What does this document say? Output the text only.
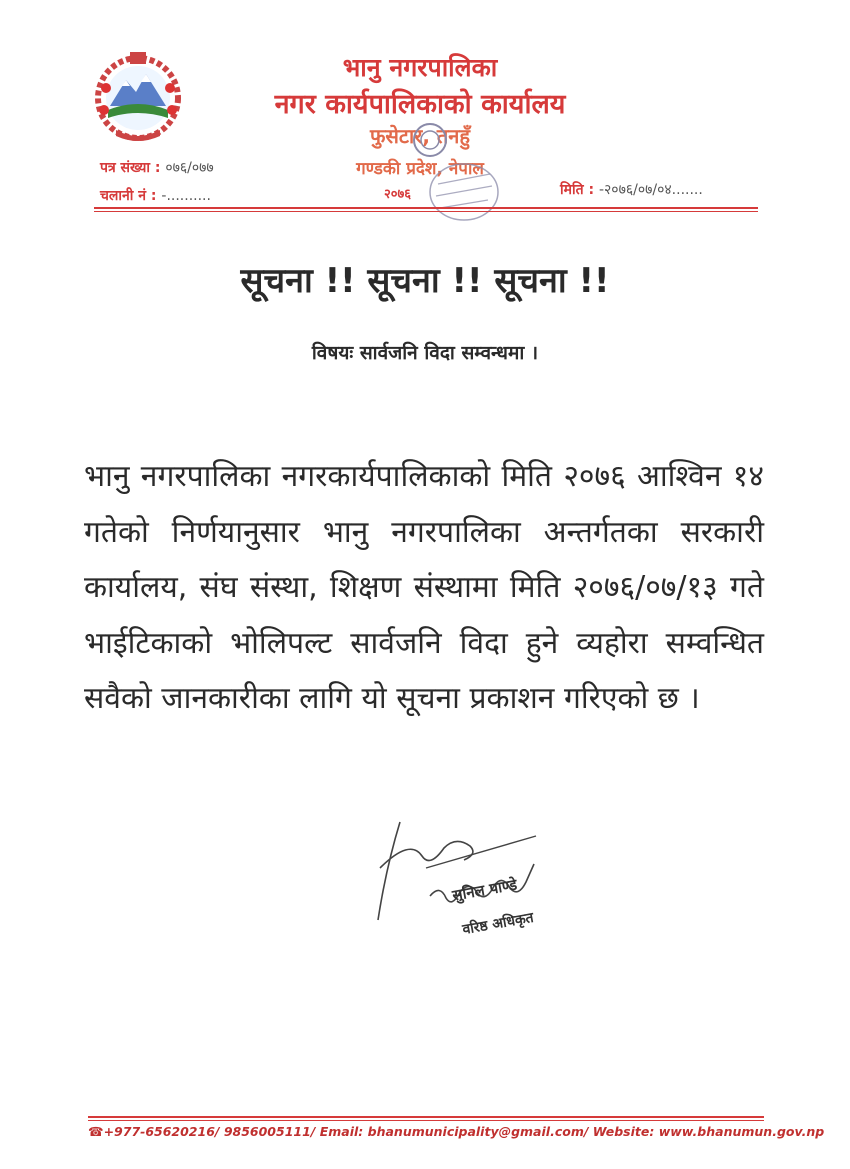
भानु नगरपालिका
नगर कार्यपालिकाको कार्यालय
फुसेटार, तनहुँ
गण्डकी प्रदेश, नेपाल
पत्र संख्या : ०७६/०७७
चलानी नं : -..........	मिति : -२०७६/०७/०४.......
२०७६
सूचना !! सूचना !! सूचना !!
विषयः सार्वजनि विदा सम्वन्धमा ।

भानु नगरपालिका नगरकार्यपालिकाको मिति २०७६ आश्विन १४ गतेको निर्णयानुसार भानु नगरपालिका अन्तर्गतका सरकारी कार्यालय, संघ संस्था, शिक्षण संस्थामा मिति २०७६/०७/१३ गते भाईटिकाको भोलिपल्ट सार्वजनि विदा हुने व्यहोरा सम्वन्धित सवैको जानकारीका लागि यो सूचना प्रकाशन गरिएको छ ।

सुनिल पाण्डे
वरिष्ठ अधिकृत
☎+977-65620216/ 9856005111/ Email: bhanumunicipality@gmail.com/ Website: www.bhanumun.gov.np
